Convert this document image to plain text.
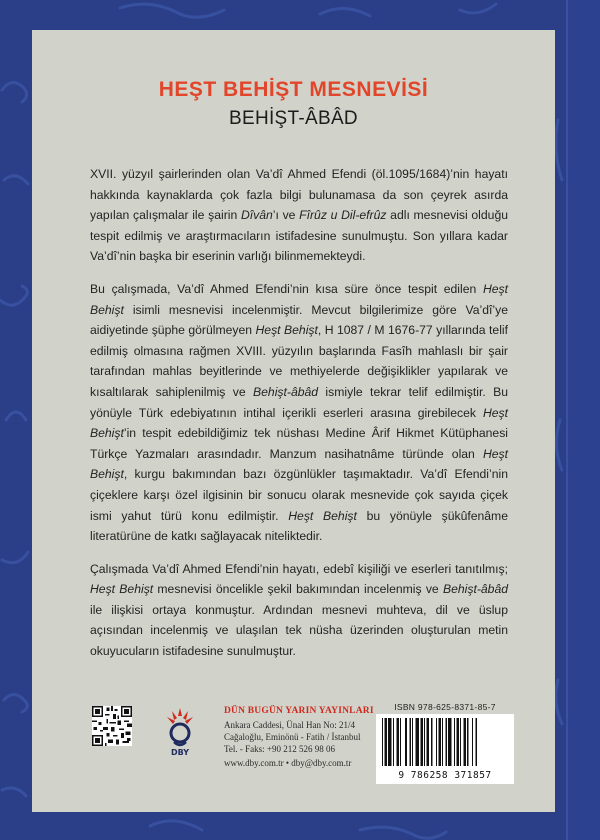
HEŞT BEHİŞT MESNEVİSİ
BEHİŞT-ÂBÂD

XVII. yüzyıl şairlerinden olan Va’dî Ahmed Efendi (öl.1095/1684)’nin hayatı hakkında kaynaklarda çok fazla bilgi bulunamasa da son çeyrek asırda yapılan çalışmalar ile şairin Dîvân’ı ve Fîrûz u Dil-efrûz adlı mesnevisi olduğu tespit edilmiş ve araştırmacıların istifadesine sunulmuştu. Son yıllara kadar Va’dî’nin başka bir eserinin varlığı bilinmemekteydi.

Bu çalışmada, Va’dî Ahmed Efendi’nin kısa süre önce tespit edilen Heşt Behişt isimli mesnevisi incelenmiştir. Mevcut bilgilerimize göre Va’dî’ye aidiyetinde şüphe görülmeyen Heşt Behişt, H 1087 / M 1676-77 yıllarında telif edilmiş olmasına rağmen XVIII. yüzyılın başlarında Fasîh mahlaslı bir şair tarafından mahlas beyitlerinde ve methiyelerde değişiklikler yapılarak ve kısaltılarak sahiplenilmiş ve Behişt-âbâd ismiyle tekrar telif edilmiştir. Bu yönüyle Türk edebiyatının intihal içerikli eserleri arasına girebilecek Heşt Behişt’in tespit edebildiğimiz tek nüshası Medine Ârif Hikmet Kütüphanesi Türkçe Yazmaları arasındadır. Manzum nasihatnâme türünde olan Heşt Behişt, kurgu bakımından bazı özgünlükler taşımaktadır. Va’dî Efendi’nin çiçeklere karşı özel ilgisinin bir sonucu olarak mesnevide çok sayıda çiçek ismi yahut türü konu edilmiştir. Heşt Behişt bu yönüyle şükûfenâme literatürüne de katkı sağlayacak niteliktedir.

Çalışmada Va’dî Ahmed Efendi’nin hayatı, edebî kişiliği ve eserleri tanıtılmış; Heşt Behişt mesnevisi öncelikle şekil bakımından incelenmiş ve Behişt-âbâd ile ilişkisi ortaya konmuştur. Ardından mesnevi muhteva, dil ve üslup açısından incelenmiş ve ulaşılan tek nüsha üzerinden oluşturulan metin okuyucuların istifadesine sunulmuştur.

DBY
DÜN BUGÜN YARIN YAYINLARI
Ankara Caddesi, Ünal Han No: 21/4
Cağaloğlu, Eminönü - Fatih / İstanbul
Tel. - Faks: +90 212 526 98 06
www.dby.com.tr • dby@dby.com.tr
ISBN 978-625-8371-85-7
9 786258 371857
